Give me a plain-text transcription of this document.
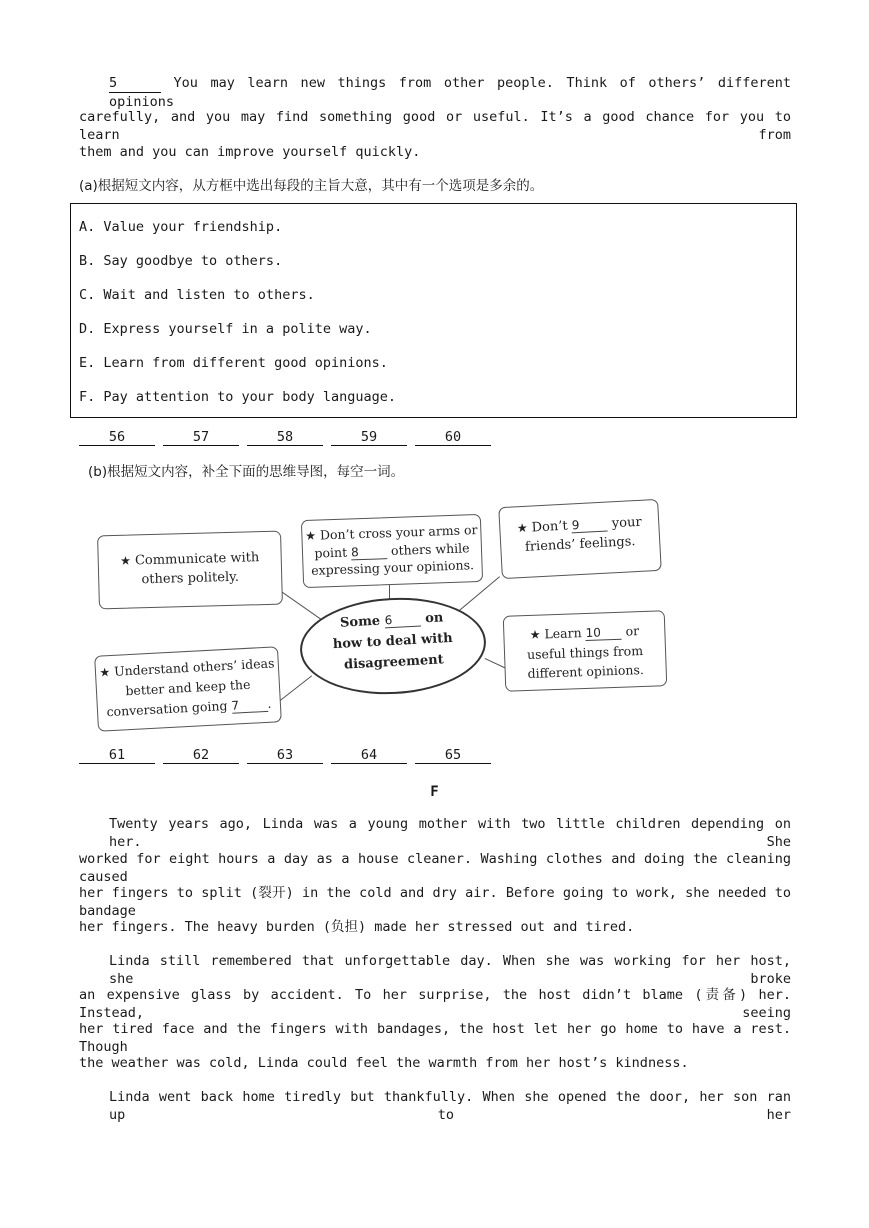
5	You may learn new things from other people. Think of others’ different opinions
carefully, and you may find something good or useful. It’s a good chance for you to learn from
them and you can improve yourself quickly.
(a)根据短文内容，从方框中选出每段的主旨大意，其中有一个选项是多余的。
A. Value your friendship.
B. Say goodbye to others.
C. Wait and listen to others.
D. Express yourself in a polite way.
E. Learn from different good opinions.
F. Pay attention to your body language.
56	57	58	59	60
(b)根据短文内容，补全下面的思维导图，每空一词。
★ Communicate with
others politely.
★ Don’t cross your arms or
point 8	others while
expressing your opinions.
★ Don’t 9 your
friends’ feelings.
Some 6 on
how to deal with
disagreement
★ Learn 10 or
useful things from
different opinions.
★ Understand others’ ideas
better and keep the
conversation going 7 .
61	62	63	64	65
F
Twenty years ago, Linda was a young mother with two little children depending on her. She
worked for eight hours a day as a house cleaner. Washing clothes and doing the cleaning caused
her fingers to split (裂开) in the cold and dry air. Before going to work, she needed to bandage
her fingers. The heavy burden (负担) made her stressed out and tired.
Linda still remembered that unforgettable day. When she was working for her host, she broke
an expensive glass by accident. To her surprise, the host didn’t blame (责备) her. Instead, seeing
her tired face and the fingers with bandages, the host let her go home to have a rest. Though
the weather was cold, Linda could feel the warmth from her host’s kindness.
Linda went back home tiredly but thankfully. When she opened the door, her son ran up to her
